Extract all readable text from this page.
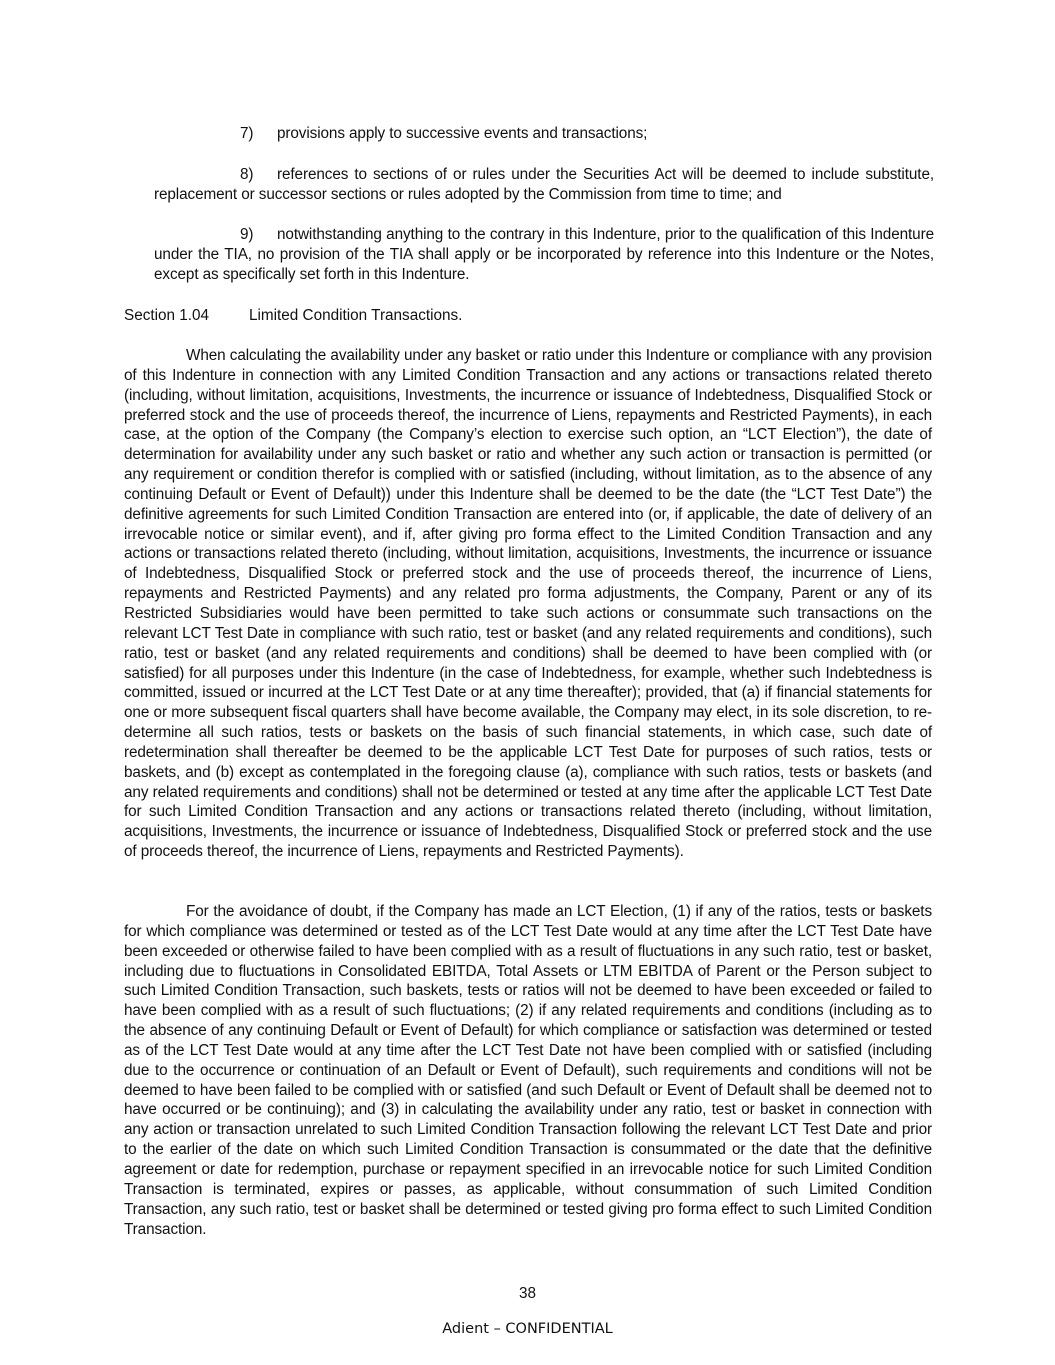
7) provisions apply to successive events and transactions;

8) references to sections of or rules under the Securities Act will be deemed to include substitute, replacement or successor sections or rules adopted by the Commission from time to time; and

9) notwithstanding anything to the contrary in this Indenture, prior to the qualification of this Indenture under the TIA, no provision of the TIA shall apply or be incorporated by reference into this Indenture or the Notes, except as specifically set forth in this Indenture.

Section 1.04	Limited Condition Transactions.

When calculating the availability under any basket or ratio under this Indenture or compliance with any provision of this Indenture in connection with any Limited Condition Transaction and any actions or transactions related thereto (including, without limitation, acquisitions, Investments, the incurrence or issuance of Indebtedness, Disqualified Stock or preferred stock and the use of proceeds thereof, the incurrence of Liens, repayments and Restricted Payments), in each case, at the option of the Company (the Company’s election to exercise such option, an “LCT Election”), the date of determination for availability under any such basket or ratio and whether any such action or transaction is permitted (or any requirement or condition therefor is complied with or satisfied (including, without limitation, as to the absence of any continuing Default or Event of Default)) under this Indenture shall be deemed to be the date (the “LCT Test Date”) the definitive agreements for such Limited Condition Transaction are entered into (or, if applicable, the date of delivery of an irrevocable notice or similar event), and if, after giving pro forma effect to the Limited Condition Transaction and any actions or transactions related thereto (including, without limitation, acquisitions, Investments, the incurrence or issuance of Indebtedness, Disqualified Stock or preferred stock and the use of proceeds thereof, the incurrence of Liens, repayments and Restricted Payments) and any related pro forma adjustments, the Company, Parent or any of its Restricted Subsidiaries would have been permitted to take such actions or consummate such transactions on the relevant LCT Test Date in compliance with such ratio, test or basket (and any related requirements and conditions), such ratio, test or basket (and any related requirements and conditions) shall be deemed to have been complied with (or satisfied) for all purposes under this Indenture (in the case of Indebtedness, for example, whether such Indebtedness is committed, issued or incurred at the LCT Test Date or at any time thereafter); provided, that (a) if financial statements for one or more subsequent fiscal quarters shall have become available, the Company may elect, in its sole discretion, to re-determine all such ratios, tests or baskets on the basis of such financial statements, in which case, such date of redetermination shall thereafter be deemed to be the applicable LCT Test Date for purposes of such ratios, tests or baskets, and (b) except as contemplated in the foregoing clause (a), compliance with such ratios, tests or baskets (and any related requirements and conditions) shall not be determined or tested at any time after the applicable LCT Test Date for such Limited Condition Transaction and any actions or transactions related thereto (including, without limitation, acquisitions, Investments, the incurrence or issuance of Indebtedness, Disqualified Stock or preferred stock and the use of proceeds thereof, the incurrence of Liens, repayments and Restricted Payments).

For the avoidance of doubt, if the Company has made an LCT Election, (1) if any of the ratios, tests or baskets for which compliance was determined or tested as of the LCT Test Date would at any time after the LCT Test Date have been exceeded or otherwise failed to have been complied with as a result of fluctuations in any such ratio, test or basket, including due to fluctuations in Consolidated EBITDA, Total Assets or LTM EBITDA of Parent or the Person subject to such Limited Condition Transaction, such baskets, tests or ratios will not be deemed to have been exceeded or failed to have been complied with as a result of such fluctuations; (2) if any related requirements and conditions (including as to the absence of any continuing Default or Event of Default) for which compliance or satisfaction was determined or tested as of the LCT Test Date would at any time after the LCT Test Date not have been complied with or satisfied (including due to the occurrence or continuation of an Default or Event of Default), such requirements and conditions will not be deemed to have been failed to be complied with or satisfied (and such Default or Event of Default shall be deemed not to have occurred or be continuing); and (3) in calculating the availability under any ratio, test or basket in connection with any action or transaction unrelated to such Limited Condition Transaction following the relevant LCT Test Date and prior to the earlier of the date on which such Limited Condition Transaction is consummated or the date that the definitive agreement or date for redemption, purchase or repayment specified in an irrevocable notice for such Limited Condition Transaction is terminated, expires or passes, as applicable, without consummation of such Limited Condition Transaction, any such ratio, test or basket shall be determined or tested giving pro forma effect to such Limited Condition Transaction.

38
Adient – CONFIDENTIAL
